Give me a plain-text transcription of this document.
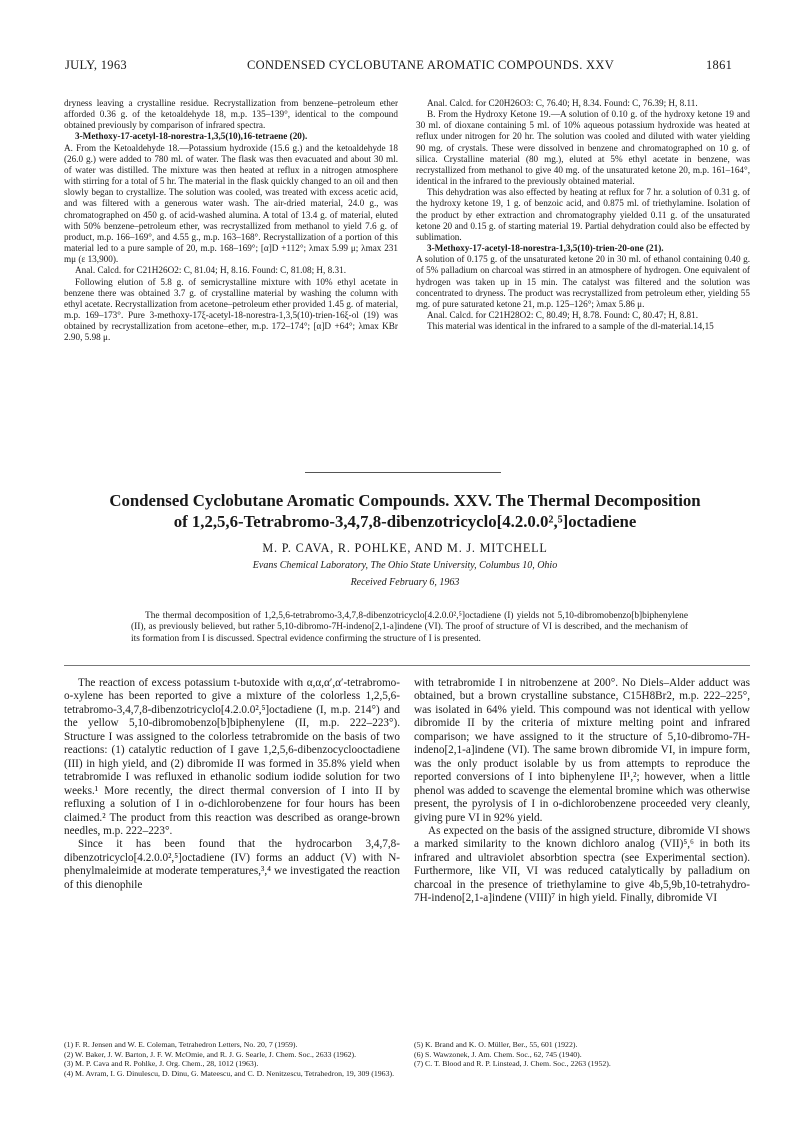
JULY, 1963	CONDENSED CYCLOBUTANE AROMATIC COMPOUNDS. XXV	1861

dryness leaving a crystalline residue. Recrystallization from benzene–petroleum ether afforded 0.36 g. of the ketoaldehyde 18, m.p. 135–139°, identical to the compound obtained previously by comparison of infrared spectra.

3-Methoxy-17-acetyl-18-norestra-1,3,5(10),16-tetraene (20).

A. From the Ketoaldehyde 18.—Potassium hydroxide (15.6 g.) and the ketoaldehyde 18 (26.0 g.) were added to 780 ml. of water. The flask was then evacuated and about 30 ml. of water was distilled. The mixture was then heated at reflux in a nitrogen atmosphere with stirring for a total of 5 hr. The material in the flask quickly changed to an oil and then slowly began to crystallize. The solution was cooled, was treated with excess acetic acid, and was filtered with a generous water wash. The air-dried material, 24.0 g., was chromatographed on 450 g. of acid-washed alumina. A total of 13.4 g. of material, eluted with 50% benzene–petroleum ether, was recrystallized from methanol to yield 7.6 g. of product, m.p. 166–169°, and 4.55 g., m.p. 163–168°. Recrystallization of a portion of this material led to a pure sample of 20, m.p. 168–169°; [α]D +112°; λmax 5.99 μ; λmax 231 mμ (ε 13,900).

Anal. Calcd. for C21H26O2: C, 81.04; H, 8.16. Found: C, 81.08; H, 8.31.

Following elution of 5.8 g. of semicrystalline mixture with 10% ethyl acetate in benzene there was obtained 3.7 g. of crystalline material by washing the column with ethyl acetate. Recrystallization from acetone–petroleum ether provided 1.45 g. of material, m.p. 169–173°. Pure 3-methoxy-17ξ-acetyl-18-norestra-1,3,5(10)-trien-16ξ-ol (19) was obtained by recrystallization from acetone–ether, m.p. 172–174°; [α]D +64°; λmax KBr 2.90, 5.98 μ.

Anal. Calcd. for C20H26O3: C, 76.40; H, 8.34. Found: C, 76.39; H, 8.11.

B. From the Hydroxy Ketone 19.—A solution of 0.10 g. of the hydroxy ketone 19 and 30 ml. of dioxane containing 5 ml. of 10% aqueous potassium hydroxide was heated at reflux under nitrogen for 20 hr. The solution was cooled and diluted with water yielding 90 mg. of crystals. These were dissolved in benzene and chromatographed on 10 g. of silica. Crystalline material (80 mg.), eluted at 5% ethyl acetate in benzene, was recrystallized from methanol to give 40 mg. of the unsaturated ketone 20, m.p. 161–164°, identical in the infrared to the previously obtained material.

This dehydration was also effected by heating at reflux for 7 hr. a solution of 0.31 g. of the hydroxy ketone 19, 1 g. of benzoic acid, and 0.875 ml. of triethylamine. Isolation of the product by ether extraction and chromatography yielded 0.11 g. of the unsaturated ketone 20 and 0.15 g. of starting material 19. Partial dehydration could also be effected by sublimation.

3-Methoxy-17-acetyl-18-norestra-1,3,5(10)-trien-20-one (21).

A solution of 0.175 g. of the unsaturated ketone 20 in 30 ml. of ethanol containing 0.40 g. of 5% palladium on charcoal was stirred in an atmosphere of hydrogen. One equivalent of hydrogen was taken up in 15 min. The catalyst was filtered and the solution was concentrated to dryness. The product was recrystallized from petroleum ether, yielding 55 mg. of pure saturated ketone 21, m.p. 125–126°; λmax 5.86 μ.

Anal. Calcd. for C21H28O2: C, 80.49; H, 8.78. Found: C, 80.47; H, 8.81.

This material was identical in the infrared to a sample of the dl-material.14,15

Condensed Cyclobutane Aromatic Compounds. XXV. The Thermal Decomposition
of 1,2,5,6-Tetrabromo-3,4,7,8-dibenzotricyclo[4.2.0.0²,⁵]octadiene
M. P. CAVA, R. POHLKE, AND M. J. MITCHELL
Evans Chemical Laboratory, The Ohio State University, Columbus 10, Ohio
Received February 6, 1963
The thermal decomposition of 1,2,5,6-tetrabromo-3,4,7,8-dibenzotricyclo[4.2.0.0²,⁵]octadiene (I) yields not 5,10-dibromobenzo[b]biphenylene (II), as previously believed, but rather 5,10-dibromo-7H-indeno[2,1-a]indene (VI). The proof of structure of VI is described, and the mechanism of its formation from I is discussed. Spectral evidence confirming the structure of I is presented.

The reaction of excess potassium t-butoxide with α,α,α′,α′-tetrabromo-o-xylene has been reported to give a mixture of the colorless 1,2,5,6-tetrabromo-3,4,7,8-dibenzotricyclo[4.2.0.0²,⁵]octadiene (I, m.p. 214°) and the yellow 5,10-dibromobenzo[b]biphenylene (II, m.p. 222–223°). Structure I was assigned to the colorless tetrabromide on the basis of two reactions: (1) catalytic reduction of I gave 1,2,5,6-dibenzocyclooctadiene (III) in high yield, and (2) dibromide II was formed in 35.8% yield when tetrabromide I was refluxed in ethanolic sodium iodide solution for two weeks.¹ More recently, the direct thermal conversion of I into II by refluxing a solution of I in o-dichlorobenzene for four hours has been claimed.² The product from this reaction was described as orange-brown needles, m.p. 222–223°.

Since it has been found that the hydrocarbon 3,4,7,8-dibenzotricyclo[4.2.0.0²,⁵]octadiene (IV) forms an adduct (V) with N-phenylmaleimide at moderate temperatures,³,⁴ we investigated the reaction of this dienophile

with tetrabromide I in nitrobenzene at 200°. No Diels–Alder adduct was obtained, but a brown crystalline substance, C15H8Br2, m.p. 222–225°, was isolated in 64% yield. This compound was not identical with yellow dibromide II by the criteria of mixture melting point and infrared comparison; we have assigned to it the structure of 5,10-dibromo-7H-indeno[2,1-a]indene (VI). The same brown dibromide VI, in impure form, was the only product isolable by us from attempts to reproduce the reported conversions of I into biphenylene II¹,²; however, when a little phenol was added to scavenge the elemental bromine which was otherwise present, the pyrolysis of I in o-dichlorobenzene proceeded very cleanly, giving pure VI in 92% yield.

As expected on the basis of the assigned structure, dibromide VI shows a marked similarity to the known dichloro analog (VII)⁵,⁶ in both its infrared and ultraviolet absorbtion spectra (see Experimental section). Furthermore, like VII, VI was reduced catalytically by palladium on charcoal in the presence of triethylamine to give 4b,5,9b,10-tetrahydro-7H-indeno[2,1-a]indene (VIII)⁷ in high yield. Finally, dibromide VI

(1) F. R. Jensen and W. E. Coleman, Tetrahedron Letters, No. 20, 7 (1959).

(2) W. Baker, J. W. Barton, J. F. W. McOmie, and R. J. G. Searle, J. Chem. Soc., 2633 (1962).

(3) M. P. Cava and R. Pohlke, J. Org. Chem., 28, 1012 (1963).

(4) M. Avram, I. G. Dinulescu, D. Dinu, G. Mateescu, and C. D. Nenitzescu, Tetrahedron, 19, 309 (1963).

(5) K. Brand and K. O. Müller, Ber., 55, 601 (1922).

(6) S. Wawzonek, J. Am. Chem. Soc., 62, 745 (1940).

(7) C. T. Blood and R. P. Linstead, J. Chem. Soc., 2263 (1952).
